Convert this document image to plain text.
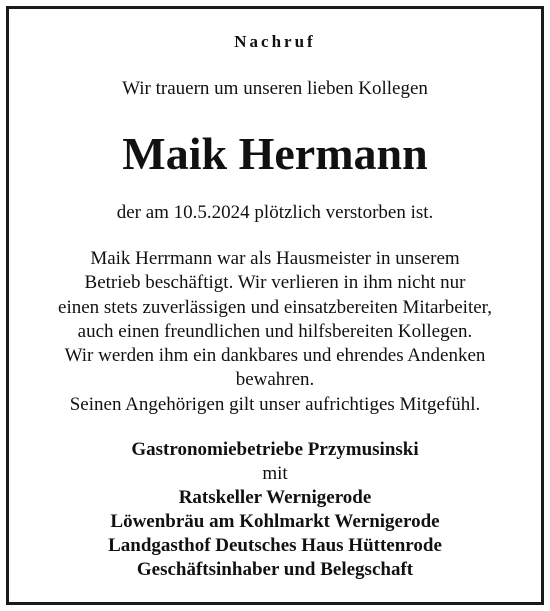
Nachruf
Wir trauern um unseren lieben Kollegen
Maik Hermann
der am 10.5.2024 plötzlich verstorben ist.
Maik Herrmann war als Hausmeister in unserem
Betrieb beschäftigt. Wir verlieren in ihm nicht nur
einen stets zuverlässigen und einsatzbereiten Mitarbeiter,
auch einen freundlichen und hilfsbereiten Kollegen.
Wir werden ihm ein dankbares und ehrendes Andenken
bewahren.
Seinen Angehörigen gilt unser aufrichtiges Mitgefühl.
Gastronomiebetriebe Przymusinski
mit
Ratskeller Wernigerode
Löwenbräu am Kohlmarkt Wernigerode
Landgasthof Deutsches Haus Hüttenrode
Geschäftsinhaber und Belegschaft
